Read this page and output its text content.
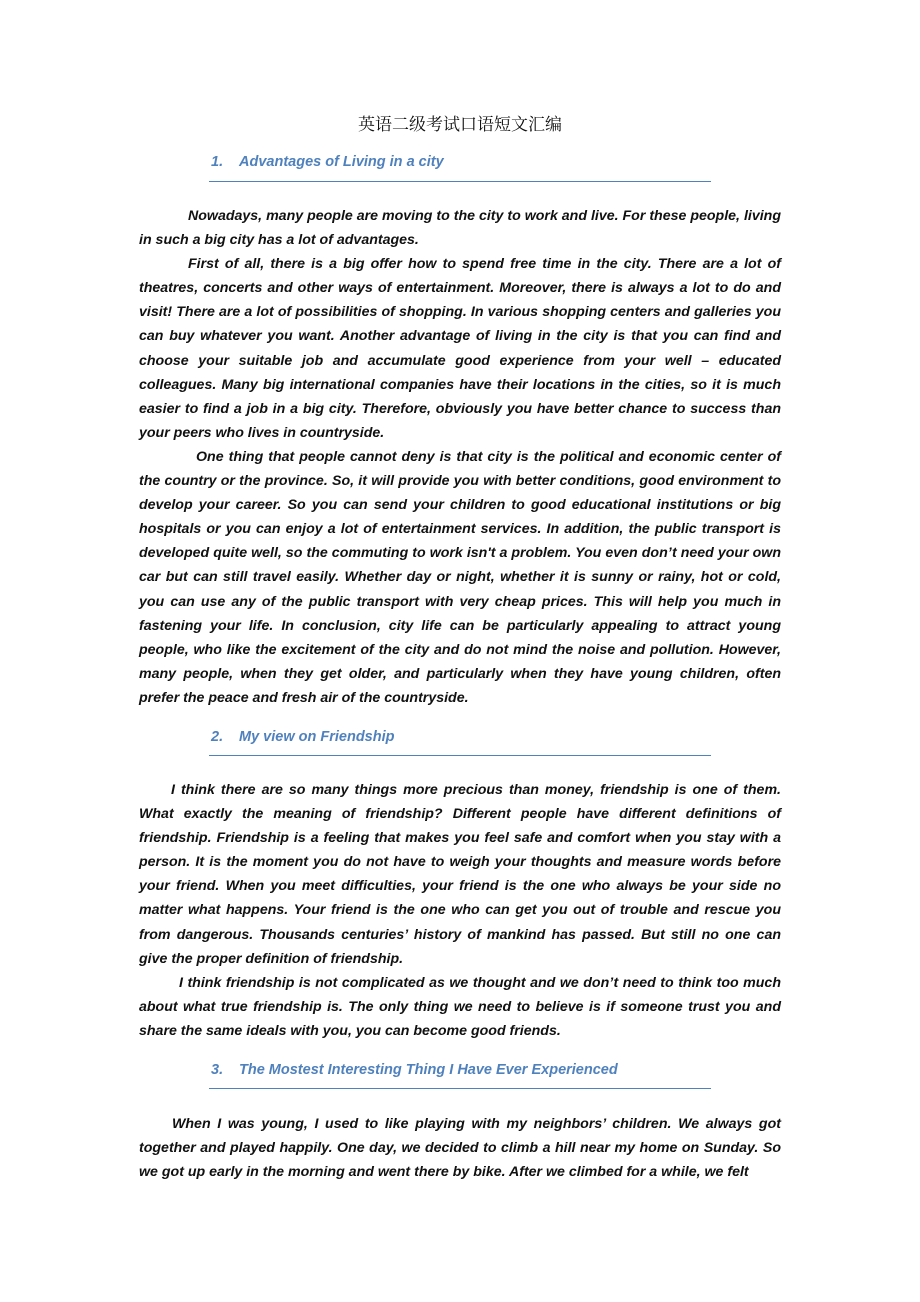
英语二级考试口语短文汇编
1. Advantages of Living in a city

Nowadays, many people are moving to the city to work and live. For these people, living in such a big city has a lot of advantages.

First of all, there is a big offer how to spend free time in the city. There are a lot of theatres, concerts and other ways of entertainment. Moreover, there is always a lot to do and visit! There are a lot of possibilities of shopping. In various shopping centers and galleries you can buy whatever you want. Another advantage of living in the city is that you can find and choose your suitable job and accumulate good experience from your well – educated colleagues. Many big international companies have their locations in the cities, so it is much easier to find a job in a big city. Therefore, obviously you have better chance to success than your peers who lives in countryside.

One thing that people cannot deny is that city is the political and economic center of the country or the province. So, it will provide you with better conditions, good environment to develop your career. So you can send your children to good educational institutions or big hospitals or you can enjoy a lot of entertainment services. In addition, the public transport is developed quite well, so the commuting to work isn't a problem. You even don’t need your own car but can still travel easily. Whether day or night, whether it is sunny or rainy, hot or cold, you can use any of the public transport with very cheap prices. This will help you much in fastening your life. In conclusion, city life can be particularly appealing to attract young people, who like the excitement of the city and do not mind the noise and pollution. However, many people, when they get older, and particularly when they have young children, often prefer the peace and fresh air of the countryside.

2. My view on Friendship

I think there are so many things more precious than money, friendship is one of them. What exactly the meaning of friendship? Different people have different definitions of friendship. Friendship is a feeling that makes you feel safe and comfort when you stay with a person. It is the moment you do not have to weigh your thoughts and measure words before your friend. When you meet difficulties, your friend is the one who always be your side no matter what happens. Your friend is the one who can get you out of trouble and rescue you from dangerous. Thousands centuries’ history of mankind has passed. But still no one can give the proper definition of friendship.

I think friendship is not complicated as we thought and we don’t need to think too much about what true friendship is. The only thing we need to believe is if someone trust you and share the same ideals with you, you can become good friends.

3. The Mostest Interesting Thing I Have Ever Experienced

When I was young, I used to like playing with my neighbors’ children. We always got together and played happily. One day, we decided to climb a hill near my home on Sunday. So we got up early in the morning and went there by bike. After we climbed for a while, we felt
